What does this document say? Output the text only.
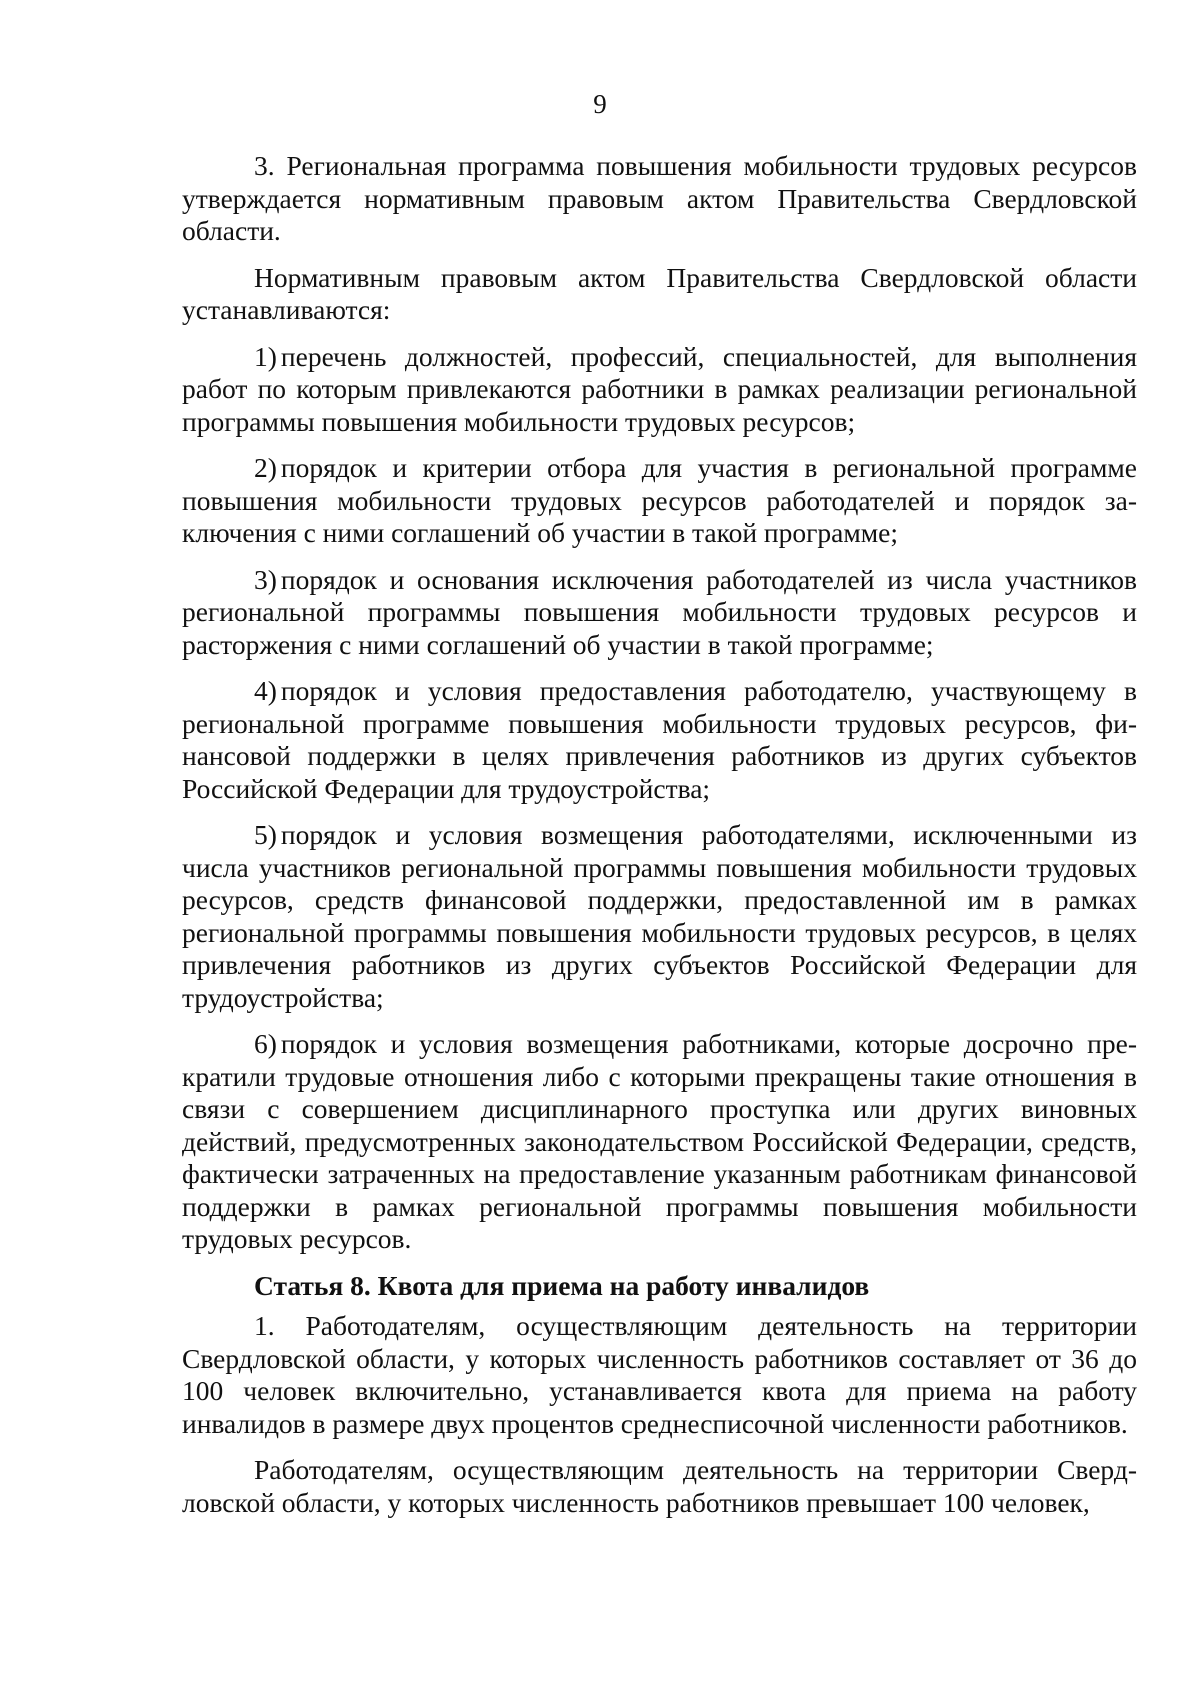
9

3. Региональная программа повышения мобильности трудовых ресурсов утверждается нормативным правовым актом Правительства Свердловской области.

Нормативным правовым актом Правительства Свердловской области устанавливаются:

1) перечень должностей, профессий, специальностей, для выполнения работ по которым привлекаются работники в рамках реализации региональной программы повышения мобильности трудовых ресурсов;

2) порядок и критерии отбора для участия в региональной программе повышения мобильности трудовых ресурсов работодателей и порядок заключения с ними соглашений об участии в такой программе;

3) порядок и основания исключения работодателей из числа участников региональной программы повышения мобильности трудовых ресурсов и расторжения с ними соглашений об участии в такой программе;

4) порядок и условия предоставления работодателю, участвующему в региональной программе повышения мобильности трудовых ресурсов, финансовой поддержки в целях привлечения работников из других субъектов Российской Федерации для трудоустройства;

5) порядок и условия возмещения работодателями, исключенными из числа участников региональной программы повышения мобильности трудовых ресурсов, средств финансовой поддержки, предоставленной им в рамках региональной программы повышения мобильности трудовых ресурсов, в целях привлечения работников из других субъектов Российской Федерации для трудоустройства;

6) порядок и условия возмещения работниками, которые досрочно прекратили трудовые отношения либо с которыми прекращены такие отношения в связи с совершением дисциплинарного проступка или других виновных действий, предусмотренных законодательством Российской Федерации, средств, фактически затраченных на предоставление указанным работникам финансовой поддержки в рамках региональной программы повышения мобильности трудовых ресурсов.

Статья 8. Квота для приема на работу инвалидов

1. Работодателям, осуществляющим деятельность на территории Свердловской области, у которых численность работников составляет от 36 до 100 человек включительно, устанавливается квота для приема на работу инвалидов в размере двух процентов среднесписочной численности работников.

Работодателям, осуществляющим деятельность на территории Свердловской области, у которых численность работников превышает 100 человек,
